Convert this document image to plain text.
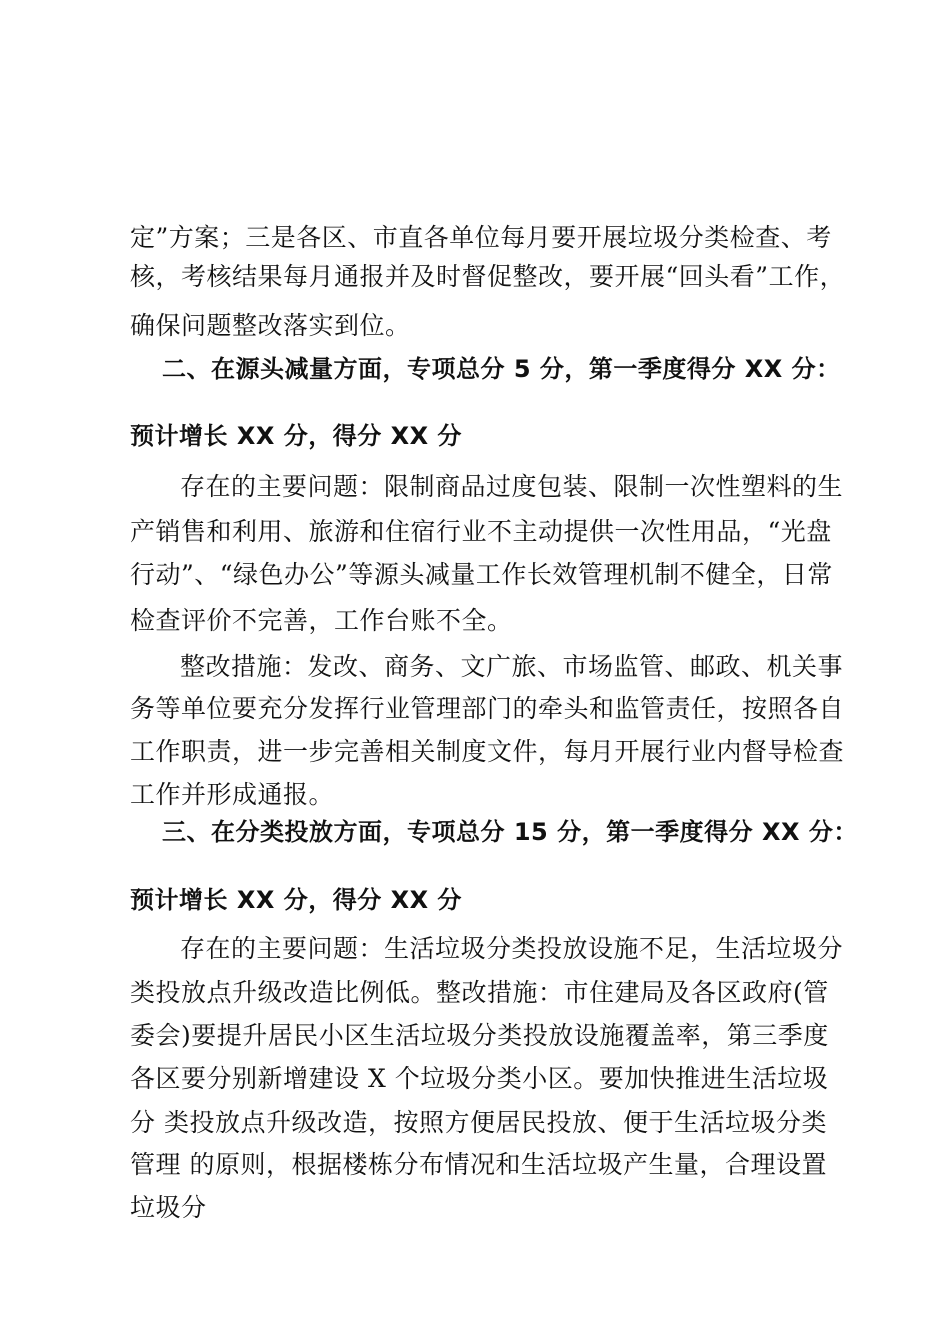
定”方案；三是各区、市直各单位每月要开展垃圾分类检查、考
核，考核结果每月通报并及时督促整改，要开展“回头看”工作，
确保问题整改落实到位。
二、在源头减量方面，专项总分 5 分，第一季度得分 XX 分：
预计增长 XX 分，得分 XX 分
存在的主要问题：限制商品过度包装、限制一次性塑料的生
产销售和利用、旅游和住宿行业不主动提供一次性用品，“光盘
行动”、“绿色办公”等源头减量工作长效管理机制不健全，日常
检查评价不完善，工作台账不全。
整改措施：发改、商务、文广旅、市场监管、邮政、机关事
务等单位要充分发挥行业管理部门的牵头和监管责任，按照各自
工作职责，进一步完善相关制度文件，每月开展行业内督导检查
工作并形成通报。
三、在分类投放方面，专项总分 15 分，第一季度得分 XX 分：
预计增长 XX 分，得分 XX 分
存在的主要问题：生活垃圾分类投放设施不足，生活垃圾分
类投放点升级改造比例低。整改措施：市住建局及各区政府(管
委会)要提升居民小区生活垃圾分类投放设施覆盖率，第三季度
各区要分别新增建设 X 个垃圾分类小区。要加快推进生活垃圾
分 类投放点升级改造，按照方便居民投放、便于生活垃圾分类
管理 的原则，根据楼栋分布情况和生活垃圾产生量，合理设置
垃圾分
